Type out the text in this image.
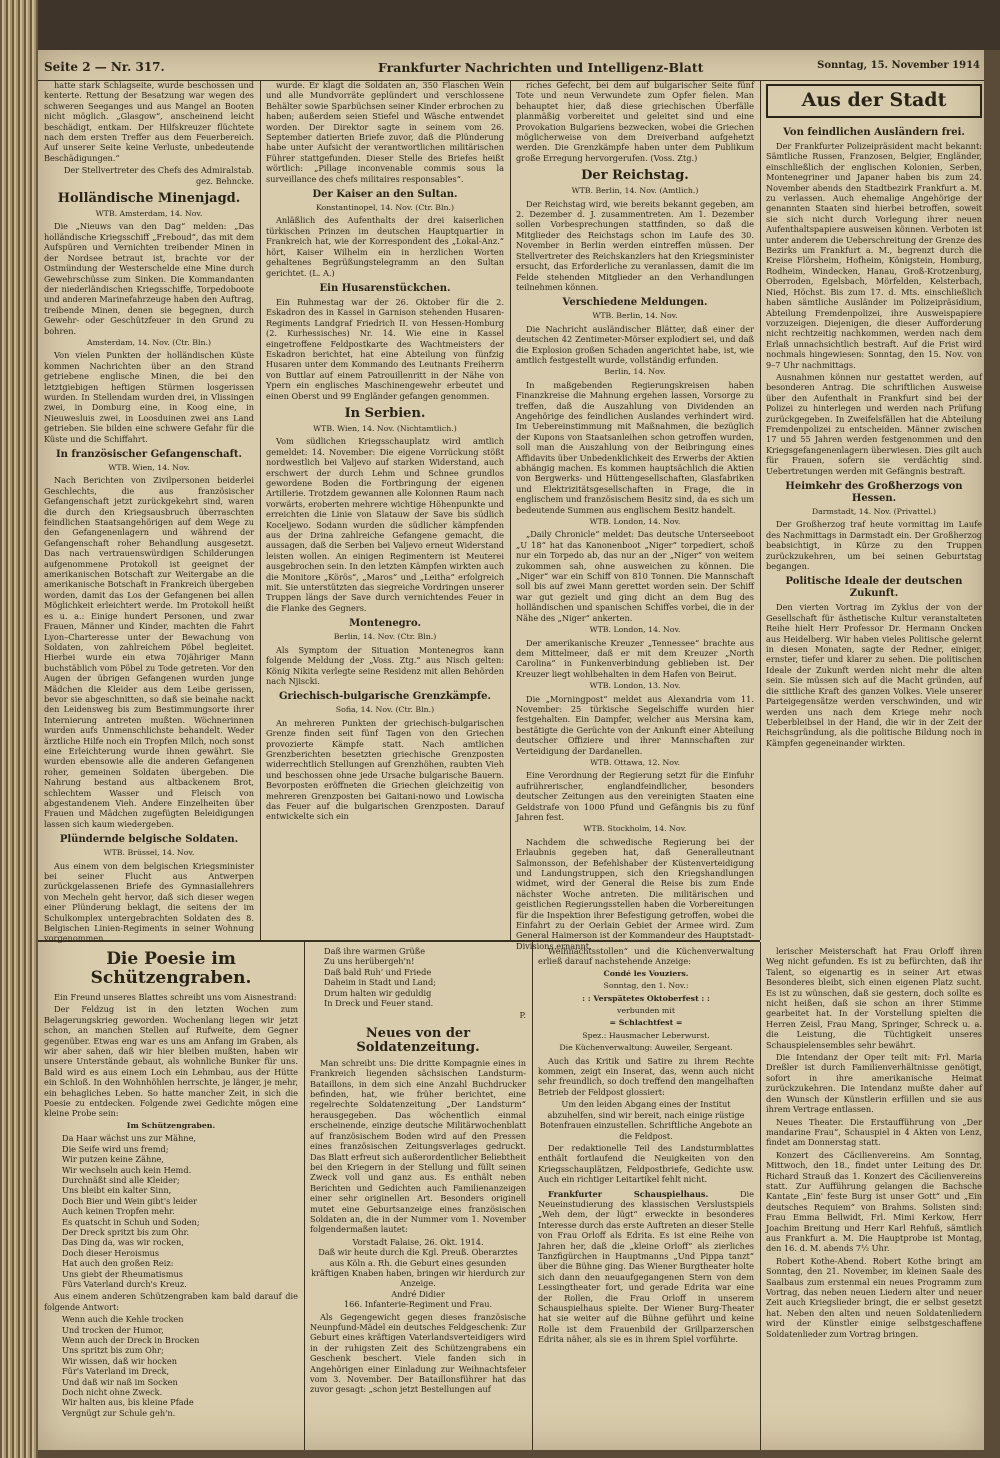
Seite 2 — Nr. 317.	Frankfurter Nachrichten und Intelligenz-Blatt	Sonntag, 15. November 1914

hatte stark Schlagseite, wurde beschossen und kenterte. Rettung der Besatzung war wegen des schweren Seeganges und aus Mangel an Booten nicht möglich. „Glasgow“, anscheinend leicht beschädigt, entkam. Der Hilfskreuzer flüchtete nach dem ersten Treffer aus dem Feuerbereich. Auf unserer Seite keine Verluste, unbedeutende Beschädigungen.“

Der Stellvertreter des Chefs des Admiralstab. gez. Behncke.

Holländische Minenjagd.
WTB. Amsterdam, 14. Nov.

Die „Nieuws van den Dag“ melden: „Das holländische Kriegsschiff „Freboud“, das mit dem Aufspüren und Vernichten treibender Minen in der Nordsee betraut ist, brachte vor der Ostmündung der Westerschelde eine Mine durch Gewehrschüsse zum Sinken. Die Kommandanten der niederländischen Kriegsschiffe, Torpedoboote und anderen Marinefahrzeuge haben den Auftrag, treibende Minen, denen sie begegnen, durch Gewehr- oder Geschützfeuer in den Grund zu bohren.

Amsterdam, 14. Nov. (Ctr. Bln.)

Von vielen Punkten der holländischen Küste kommen Nachrichten über an den Strand getriebene englische Minen, die bei den letztgiebigen heftigen Stürmen losgerissen wurden. In Stellendam wurden drei, in Vlissingen zwei, in Domburg eine, in Koog eine, in Nieuwesluis zwei, in Loosduinen zwei ans Land getrieben. Sie bilden eine schwere Gefahr für die Küste und die Schiffahrt.

In französischer Gefangenschaft.
WTB. Wien, 14. Nov.

Nach Berichten von Zivilpersonen beiderlei Geschlechts, die aus französischer Gefangenschaft jetzt zurückgekehrt sind, waren die durch den Kriegsausbruch überraschten feindlichen Staatsangehörigen auf dem Wege zu den Gefangenenlagern und während der Gefangenschaft roher Behandlung ausgesetzt. Das nach vertrauenswürdigen Schilderungen aufgenommene Protokoll ist geeignet der amerikanischen Botschaft zur Weitergabe an die amerikanische Botschaft in Frankreich übergeben worden, damit das Los der Gefangenen bei allen Möglichkeit erleichtert werde. Im Protokoll heißt es u. a.: Einige hundert Personen, und zwar Frauen, Männer und Kinder, machten die Fahrt Lyon–Charteresse unter der Bewachung von Soldaten, von zahlreichem Pöbel begleitet. Hierbei wurde ein etwa 70jähriger Mann buchstäblich vom Pöbel zu Tode getreten. Vor den Augen der übrigen Gefangenen wurden junge Mädchen die Kleider aus dem Leibe gerissen, bevor sie abgeschnitten, so daß sie beinahe nackt den Leidensweg bis zum Bestimmungsorte ihrer Internierung antreten mußten. Wöchnerinnen wurden aufs Unmenschlichste behandelt. Weder ärztliche Hilfe noch ein Tropfen Milch, noch sonst eine Erleichterung wurde ihnen gewährt. Sie wurden ebensowie alle die anderen Gefangenen roher, gemeinen Soldaten übergeben. Die Nahrung bestand aus altbackenem Brot, schlechtem Wasser und Fleisch von abgestandenem Vieh. Andere Einzelheiten über Frauen und Mädchen zugefügten Beleidigungen lassen sich kaum wiedergeben.

Plündernde belgische Soldaten.
WTB. Brüssel, 14. Nov.

Aus einem von dem belgischen Kriegsminister bei seiner Flucht aus Antwerpen zurückgelassenen Briefe des Gymnasiallehrers von Mecheln geht hervor, daß sich dieser wegen einer Plünderung beklagt, die seitens der im Schulkomplex untergebrachten Soldaten des 8. Belgischen Linien-Regiments in seiner Wohnung vorgenommen

wurde. Er klagt die Soldaten an, 350 Flaschen Wein und alle Mundvorräte geplündert und verschlossene Behälter sowie Sparbüchsen seiner Kinder erbrochen zu haben; außerdem seien Stiefel und Wäsche entwendet worden. Der Direktor sagte in seinem vom 26. September datierten Briefe zuvor, daß die Plünderung habe unter Aufsicht der verantwortlichen militärischen Führer stattgefunden. Dieser Stelle des Briefes heißt wörtlich: „Pillage inconvenable commis sous la surveillance des chefs militaires responsables“.

Der Kaiser an den Sultan.
Konstantinopel, 14. Nov. (Ctr. Bln.)

Anläßlich des Aufenthalts der drei kaiserlichen türkischen Prinzen im deutschen Hauptquartier in Frankreich hat, wie der Korrespondent des „Lokal-Anz.“ hört, Kaiser Wilhelm ein in herzlichen Worten gehaltenes Begrüßungstelegramm an den Sultan gerichtet. (L. A.)

Ein Husarenstückchen.

Ein Ruhmestag war der 26. Oktober für die 2. Eskadron des in Kassel in Garnison stehenden Husaren-Regiments Landgraf Friedrich II. von Hessen-Homburg (2. Kurhessisches) Nr. 14. Wie eine in Kassel eingetroffene Feldpostkarte des Wachtmeisters der Eskadron berichtet, hat eine Abteilung von fünfzig Husaren unter dem Kommando des Leutnants Freiherrn von Buttlar auf einem Patrouillenritt in der Nähe von Ypern ein englisches Maschinengewehr erbeutet und einen Oberst und 99 Engländer gefangen genommen.

In Serbien.
WTB. Wien, 14. Nov. (Nichtamtlich.)

Vom südlichen Kriegsschauplatz wird amtlich gemeldet: 14. November: Die eigene Vorrückung stößt nordwestlich bei Valjevo auf starken Widerstand, auch erschwert der durch Lehm und Schnee grundlos gewordene Boden die Fortbringung der eigenen Artillerie. Trotzdem gewannen alle Kolonnen Raum nach vorwärts, eroberten mehrere wichtige Höhenpunkte und erreichten die Linie von Slatauw der Save bis südlich Koceljewo. Sodann wurden die südlicher kämpfenden aus der Drina zahlreiche Gefangene gemacht, die aussagen, daß die Serben bei Valjevo erneut Widerstand leisten wollen. An einigen Regimentern ist Meuterei ausgebrochen sein. In den letzten Kämpfen wirkten auch die Monitore „Körös“, „Maros“ und „Leitha“ erfolgreich mit. Sie unterstützten das siegreiche Vordringen unserer Truppen längs der Save durch vernichtendes Feuer in die Flanke des Gegners.

Montenegro.
Berlin, 14. Nov. (Ctr. Bln.)

Als Symptom der Situation Montenegros kann folgende Meldung der „Voss. Ztg.“ aus Nisch gelten: König Nikita verlegte seine Residenz mit allen Behörden nach Njiscki.

Griechisch-bulgarische Grenzkämpfe.
Sofia, 14. Nov. (Ctr. Bln.)

An mehreren Punkten der griechisch-bulgarischen Grenze finden seit fünf Tagen von den Griechen provozierte Kämpfe statt. Nach amtlichen Grenzberichten besetzten griechische Grenzposten widerrechtlich Stellungen auf Grenzhöhen, raubten Vieh und beschossen ohne jede Ursache bulgarische Bauern. Bevorposten eröffneten die Griechen gleichzeitig von mehreren Grenzposten bei Gaitani-nowo und Lowischa das Feuer auf die bulgarischen Grenzposten. Darauf entwickelte sich ein

riches Gefecht, bei dem auf bulgarischer Seite fünf Tote und neun Verwundete zum Opfer fielen. Man behauptet hier, daß diese griechischen Überfälle planmäßig vorbereitet und geleitet sind und eine Provokation Bulgariens bezwecken, wobei die Griechen möglicherweise von dem Dreiverband aufgehetzt werden. Die Grenzkämpfe haben unter dem Publikum große Erregung hervorgerufen. (Voss. Ztg.)

Der Reichstag.
WTB. Berlin, 14. Nov. (Amtlich.)

Der Reichstag wird, wie bereits bekannt gegeben, am 2. Dezember d. J. zusammentreten. Am 1. Dezember sollen Vorbesprechungen stattfinden, so daß die Mitglieder des Reichstags schon im Laufe des 30. November in Berlin werden eintreffen müssen. Der Stellvertreter des Reichskanzlers hat den Kriegsminister ersucht, das Erforderliche zu veranlassen, damit die im Felde stehenden Mitglieder an den Verhandlungen teilnehmen können.

Verschiedene Meldungen.
WTB. Berlin, 14. Nov.

Die Nachricht ausländischer Blätter, daß einer der deutschen 42 Zentimeter-Mörser explodiert sei, und daß die Explosion großen Schaden angerichtet habe, ist, wie amtlich festgestellt wurde, vollständig erfunden.

Berlin, 14. Nov.

In maßgebenden Regierungskreisen haben Finanzkreise die Mahnung ergehen lassen, Vorsorge zu treffen, daß die Auszahlung von Dividenden an Angehörige des feindlichen Auslandes verhindert wird. Im Uebereinstimmung mit Maßnahmen, die bezüglich der Kupons von Staatsanleihen schon getroffen wurden, soll man die Auszahlung von der Beibringung eines Affidavits über Unbedenklichkeit des Erwerbs der Aktien abhängig machen. Es kommen hauptsächlich die Aktien von Bergwerks- und Hüttengesellschaften, Glasfabriken und Elektrizitätsgesellschaften in Frage, die in englischem und französischem Besitz sind, da es sich um bedeutende Summen aus englischem Besitz handelt.

WTB. London, 14. Nov.

„Daily Chronicle“ meldet: Das deutsche Unterseeboot „U 18“ hat das Kanonenboot „Niger“ torpediert, schoß nur ein Torpedo ab, das nur an der „Niger“ von weitem zukommen sah, ohne ausweichen zu können. Die „Niger“ war ein Schiff von 810 Tonnen. Die Mannschaft soll bis auf zwei Mann gerettet worden sein. Der Schiff war gut gezielt und ging dicht an dem Bug des holländischen und spanischen Schiffes vorbei, die in der Nähe des „Niger“ ankerten.

WTB. London, 14. Nov.

Der amerikanische Kreuzer „Tennessee“ brachte aus dem Mittelmeer, daß er mit dem Kreuzer „North Carolina“ in Funkenverbindung geblieben ist. Der Kreuzer liegt wohlbehalten in dem Hafen von Beirut.

WTB. London, 13. Nov.

Die „Morningpost“ meldet aus Alexandria vom 11. November: 25 türkische Segelschiffe wurden hier festgehalten. Ein Dampfer, welcher aus Mersina kam, bestätigte die Gerüchte von der Ankunft einer Abteilung deutscher Offiziere und ihrer Mannschaften zur Verteidigung der Dardanellen.

WTB. Ottawa, 12. Nov.

Eine Verordnung der Regierung setzt für die Einfuhr aufrührerischer, englandfeindlicher, besonders deutscher Zeitungen aus den vereinigten Staaten eine Geldstrafe von 1000 Pfund und Gefängnis bis zu fünf Jahren fest.

WTB. Stockholm, 14. Nov.

Nachdem die schwedische Regierung bei der Erlaubnis gegeben hat, daß Generalleutnant Salmonsson, der Befehlshaber der Küstenverteidigung und Landungstruppen, sich den Kriegshandlungen widmet, wird der General die Reise bis zum Ende nächster Woche antreten. Die militärischen und geistlichen Regierungsstellen haben die Vorbereitungen für die Inspektion ihrer Befestigung getroffen, wobei die Einfahrt zu der Oerlain Gebiet der Armee wird. Zum General Haimerson ist der Kommandeur des Hauptstadt-Divisions ernannt.

Aus der Stadt
Von feindlichen Ausländern frei.

Der Frankfurter Polizeipräsident macht bekannt: Sämtliche Russen, Franzosen, Belgier, Engländer, einschließlich der englischen Kolonien, Serben, Montenegriner und Japaner haben bis zum 24. November abends den Stadtbezirk Frankfurt a. M. zu verlassen. Auch ehemalige Angehörige der genannten Staaten sind hierbei betroffen, soweit sie sich nicht durch Vorlegung ihrer neuen Aufenthaltspapiere ausweisen können. Verboten ist unter anderem die Ueberschreitung der Grenze des Bezirks um Frankfurt a. M., begrenzt durch die Kreise Flörsheim, Hofheim, Königstein, Homburg, Rodheim, Windecken, Hanau, Groß-Krotzenburg, Oberroden, Egelsbach, Mörfelden, Kelsterbach, Nied, Höchst. Bis zum 17. d. Mts. einschließlich haben sämtliche Ausländer im Polizeipräsidium, Abteilung Fremdenpolizei, ihre Ausweispapiere vorzuzeigen. Diejenigen, die dieser Aufforderung nicht rechtzeitig nachkommen, werden nach dem Erlaß unnachsichtlich bestraft. Auf die Frist wird nochmals hingewiesen: Sonntag, den 15. Nov. von 9–7 Uhr nachmittags.

Ausnahmen können nur gestattet werden, auf besonderen Antrag. Die schriftlichen Ausweise über den Aufenthalt in Frankfurt sind bei der Polizei zu hinterlegen und werden nach Prüfung zurückgegeben. In Zweifelsfällen hat die Abteilung Fremdenpolizei zu entscheiden. Männer zwischen 17 und 55 Jahren werden festgenommen und den Kriegsgefangenenlagern überwiesen. Dies gilt auch für Frauen, sofern sie verdächtig sind. Uebertretungen werden mit Gefängnis bestraft.

Heimkehr des Großherzogs von Hessen.
Darmstadt, 14. Nov. (Privattel.)

Der Großherzog traf heute vormittag im Laufe des Nachmittags in Darmstadt ein. Der Großherzog beabsichtigt, in Kürze zu den Truppen zurückzukehren, um bei seinen Geburtstag begangen.

Politische Ideale der deutschen Zukunft.

Den vierten Vortrag im Zyklus der von der Gesellschaft für ästhetische Kultur veranstalteten Reihe hielt Herr Professor Dr. Hermann Oncken aus Heidelberg. Wir haben vieles Politische gelernt in diesen Monaten, sagte der Redner, einiger, ernster, tiefer und klarer zu sehen. Die politischen Ideale der Zukunft werden nicht mehr die alten sein. Sie müssen sich auf die Macht gründen, auf die sittliche Kraft des ganzen Volkes. Viele unserer Parteigegensätze werden verschwinden, und wir werden uns nach dem Kriege mehr noch Ueberbleibsel in der Hand, die wir in der Zeit der Reichsgründung, als die politische Bildung noch in Kämpfen gegeneinander wirkten.

Die Poesie im Schützengraben.

Ein Freund unseres Blattes schreibt uns vom Aisnestrand:

Der Feldzug ist in den letzten Wochen zum Belagerungskrieg geworden. Wochenlang liegen wir jetzt schon, an manchen Stellen auf Rufweite, dem Gegner gegenüber. Etwas eng war es uns am Anfang im Graben, als wir aber sahen, daß wir hier bleiben mußten, haben wir unsere Unterstände gebaut, als wohnliche Bunker für uns. Bald wird es aus einem Loch ein Lehmbau, aus der Hütte ein Schloß. In den Wohnhöhlen herrschte, je länger, je mehr, ein behagliches Leben. So hatte mancher Zeit, in sich die Poesie zu entdecken. Folgende zwei Gedichte mögen eine kleine Probe sein:

Im Schützengraben.

Da Haar wächst uns zur Mähne,
Die Seife wird uns fremd;
Wir putzen keine Zähne,
Wir wechseln auch kein Hemd.
Durchnäßt sind alle Kleider;
Uns bleibt ein kalter Sinn,
Doch Bier und Wein gibt's leider
Auch keinen Tropfen mehr.
Es quatscht in Schuh und Soden;
Der Dreck spritzt bis zum Ohr.
Das Ding da, was wir rocken,
Doch dieser Heroismus
Hat auch den großen Reiz:
Uns giebt der Rheumatismus
Fürs Vaterland durch's Kreuz.

Aus einem anderen Schützengraben kam bald darauf die folgende Antwort:

Wenn auch die Kehle trocken
Und trocken der Humor,
Wenn auch der Dreck in Brocken
Uns spritzt bis zum Ohr;
Wir wissen, daß wir hocken
Für's Vaterland im Dreck,
Und daß wir naß im Socken
Doch nicht ohne Zweck.
Wir halten aus, bis kleine Pfade
Vergnügt zur Schule geh'n.

Daß ihre warmen Grüße
Zu uns herübergeh'n!
Daß bald Ruh' und Friede
Daheim in Stadt und Land;
Drum halten wir geduldig
In Dreck und Feuer stand.

P.

Neues von der Soldatenzeitung.

Man schreibt uns: Die dritte Kompagnie eines in Frankreich liegenden sächsischen Landsturm-Bataillons, in dem sich eine Anzahl Buchdrucker befinden, hat, wie früher berichtet, eine regelrechte Soldatenzeitung „Der Landsturm“ herausgegeben. Das wöchentlich einmal erscheinende, einzige deutsche Militärwochenblatt auf französischem Boden wird auf den Pressen eines französischen Zeitungsverlages gedruckt. Das Blatt erfreut sich außerordentlicher Beliebtheit bei den Kriegern in der Stellung und füllt seinen Zweck voll und ganz aus. Es enthält neben Berichten und Gedichten auch Familienanzeigen einer sehr originellen Art. Besonders originell mutet eine Geburtsanzeige eines französischen Soldaten an, die in der Nummer vom 1. November folgendermaßen lautet:

Vorstadt Falaise, 26. Okt. 1914.
Daß wir heute durch die Kgl. Preuß. Oberarztes aus Köln a. Rh. die Geburt eines gesunden kräftigen Knaben haben, bringen wir hierdurch zur Anzeige.
André Didier
166. Infanterie-Regiment und Frau.

Als Gegengewicht gegen dieses französische Neunpfund-Mädel ein deutsches Feldgeschenk: Zur Geburt eines kräftigen Vaterlandsverteidigers wird in der ruhigsten Zeit des Schützengrabens ein Geschenk beschert. Viele fanden sich in Angehörigen einer Einladung zur Weihnachtsfeier vom 3. November. Der Bataillonsführer hat das zuvor gesagt: „schon jetzt Bestellungen auf

Weihnachtsstollen“ und die Küchenverwaltung erließ darauf nachstehende Anzeige:

Condé les Vouziers.
Sonntag, den 1. Nov.:
: : Verspätetes Oktoberfest : :
verbunden mit
= Schlachtfest =
Spez.: Hausmacher Leberwurst.
Die Küchenverwaltung: Auweiler, Sergeant.

Auch das Kritik und Satire zu ihrem Rechte kommen, zeigt ein Inserat, das, wenn auch nicht sehr freundlich, so doch treffend den mangelhaften Betrieb der Feldpost glossiert:

Um den leiden Abgang eines der Institut abzuhelfen, sind wir bereit, nach einige rüstige Botenfrauen einzustellen. Schriftliche Angebote an die Feldpost.

Der redaktionelle Teil des Landsturmblattes enthält fortlaufend die Neuigkeiten von den Kriegsschauplätzen, Feldpostbriefe, Gedichte usw. Auch ein richtiger Leitartikel fehlt nicht.

Frankfurter Schauspielhaus.	Die Neueinstudierung des klassischen Verslustspiels „Weh dem, der lügt“ erweckte in besonderes Interesse durch das erste Auftreten an dieser Stelle von Frau Orloff als Edrita. Es ist eine Reihe von Jahren her, daß die „kleine Orloff“ als zierliches Tanzfigürchen in Hauptmanns „Und Pippa tanzt“ über die Bühne ging. Das Wiener Burgtheater holte sich dann den neuaufgegangenen Stern von dem Lessingtheater fort, und gerade Edrita war eine der Rollen, die Frau Orloff in unserem Schauspielhaus spielte. Der Wiener Burg-Theater hat sie weiter auf die Bühne geführt und keine Rolle ist dem Frauenbild der Grillparzerschen Edrita näher, als sie es in ihrem Spiel vorführte.

lerischer Meisterschaft hat Frau Orloff ihren Weg nicht gefunden. Es ist zu befürchten, daß ihr Talent, so eigenartig es in seiner Art etwas Besonderes bleibt, sich einen eigenen Platz sucht. Es ist zu wünschen, daß sie gestern, doch sollte es nicht heißen, daß sie schon an ihrer Stimme gearbeitet hat. In der Vorstellung spielten die Herren Zeisl, Frau Mang, Springer, Schreck u. a. die Leistung, die Tüchtigkeit unseres Schauspielensembles sehr bewährt.

Die Intendanz der Oper teilt mit: Frl. Maria Dreßler ist durch Familienverhältnisse genötigt, sofort in ihre amerikanische Heimat zurückzukehren. Die Intendanz mußte daher auf den Wunsch der Künstlerin erfüllen und sie aus ihrem Vertrage entlassen.

Neues Theater. Die Erstaufführung von „Der mandarine Frau“, Schauspiel in 4 Akten von Lenz, findet am Donnerstag statt.

Konzert des Cäcilienvereins. Am Sonntag, Mittwoch, den 18., findet unter Leitung des Dr. Richard Strauß das 1. Konzert des Cäcilienvereins statt. Zur Aufführung gelangen die Bachsche Kantate „Ein' feste Burg ist unser Gott“ und „Ein deutsches Requiem“ von Brahms. Solisten sind: Frau Emma Bellwidt, Frl. Mimi Kerkow, Herr Joachim Breitung und Herr Karl Rehfuß, sämtlich aus Frankfurt a. M. Die Hauptprobe ist Montag, den 16. d. M. abends 7½ Uhr.

Robert Kothe-Abend. Robert Kothe bringt am Sonntag, den 21. November, im kleinen Saale des Saalbaus zum erstenmal ein neues Programm zum Vortrag, das neben neuen Liedern alter und neuer Zeit auch Kriegslieder bringt, die er selbst gesetzt hat. Neben den alten und neuen Soldatenliedern wird der Künstler einige selbstgeschaffene Soldatenlieder zum Vortrag bringen.
